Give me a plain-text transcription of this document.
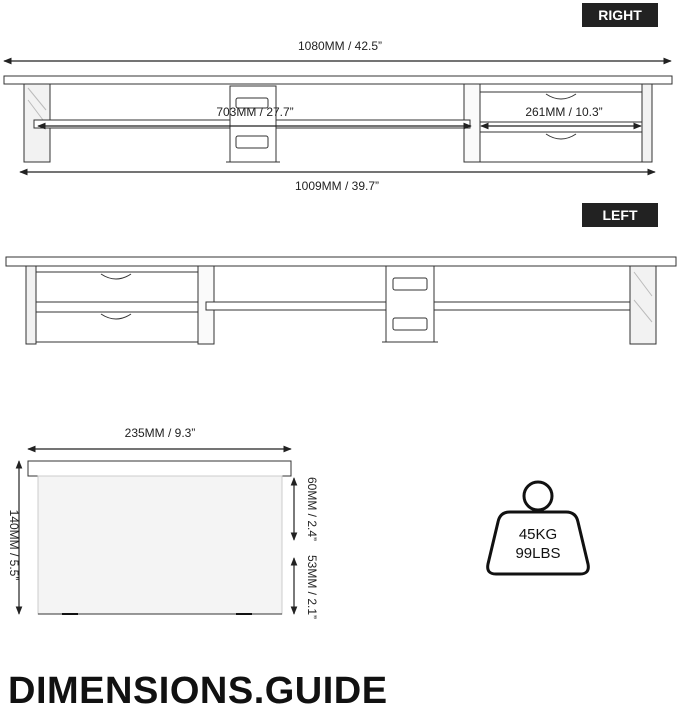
RIGHT
1080MM / 42.5”
703MM / 27.7”	261MM / 10.3”
1009MM / 39.7”
LEFT
235MM / 9.3”
140MM / 5.5”
60MM / 2.4”
53MM / 2.1”
45KG
99LBS
DIMENSIONS.GUIDE
